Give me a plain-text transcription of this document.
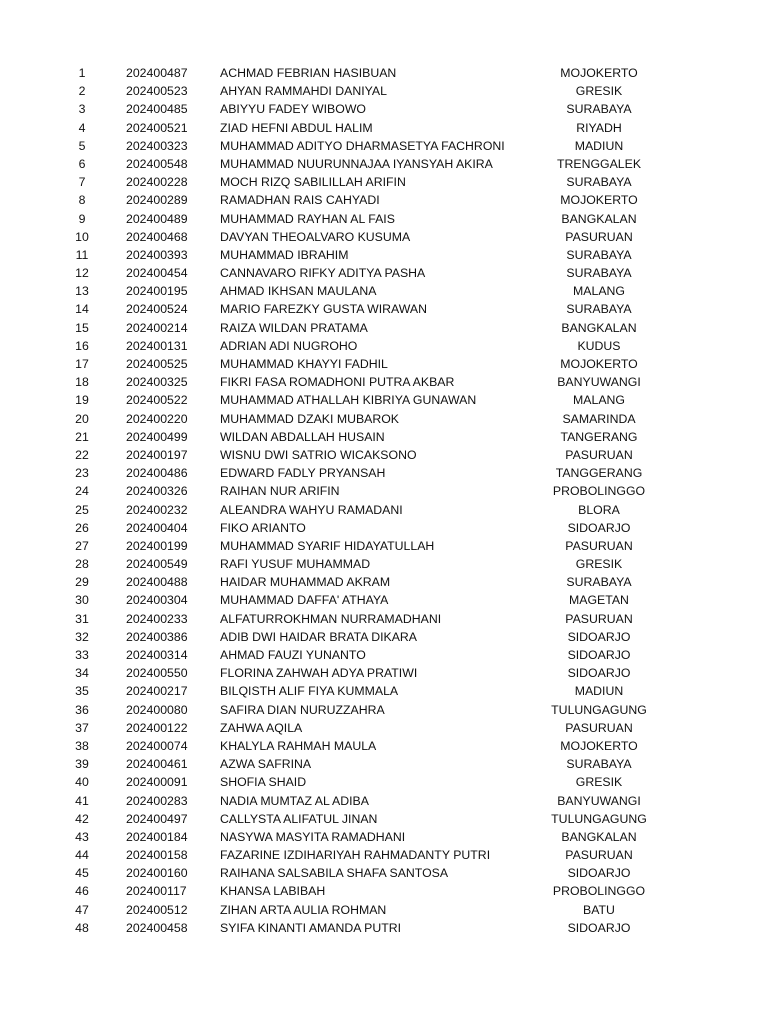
1	202400487	ACHMAD FEBRIAN HASIBUAN	MOJOKERTO
2	202400523	AHYAN RAMMAHDI DANIYAL	GRESIK
3	202400485	ABIYYU FADEY WIBOWO	SURABAYA
4	202400521	ZIAD HEFNI ABDUL HALIM	RIYADH
5	202400323	MUHAMMAD ADITYO DHARMASETYA FACHRONI	MADIUN
6	202400548	MUHAMMAD NUURUNNAJAA IYANSYAH AKIRA	TRENGGALEK
7	202400228	MOCH RIZQ SABILILLAH ARIFIN	SURABAYA
8	202400289	RAMADHAN RAIS CAHYADI	MOJOKERTO
9	202400489	MUHAMMAD RAYHAN AL FAIS	BANGKALAN
10	202400468	DAVYAN THEOALVARO KUSUMA	PASURUAN
11	202400393	MUHAMMAD IBRAHIM	SURABAYA
12	202400454	CANNAVARO RIFKY ADITYA PASHA	SURABAYA
13	202400195	AHMAD IKHSAN MAULANA	MALANG
14	202400524	MARIO FAREZKY GUSTA WIRAWAN	SURABAYA
15	202400214	RAIZA WILDAN PRATAMA	BANGKALAN
16	202400131	ADRIAN ADI NUGROHO	KUDUS
17	202400525	MUHAMMAD KHAYYI FADHIL	MOJOKERTO
18	202400325	FIKRI FASA ROMADHONI PUTRA AKBAR	BANYUWANGI
19	202400522	MUHAMMAD ATHALLAH KIBRIYA GUNAWAN	MALANG
20	202400220	MUHAMMAD DZAKI MUBAROK	SAMARINDA
21	202400499	WILDAN ABDALLAH HUSAIN	TANGERANG
22	202400197	WISNU DWI SATRIO WICAKSONO	PASURUAN
23	202400486	EDWARD FADLY PRYANSAH	TANGGERANG
24	202400326	RAIHAN NUR ARIFIN	PROBOLINGGO
25	202400232	ALEANDRA WAHYU RAMADANI	BLORA
26	202400404	FIKO ARIANTO	SIDOARJO
27	202400199	MUHAMMAD SYARIF HIDAYATULLAH	PASURUAN
28	202400549	RAFI YUSUF MUHAMMAD	GRESIK
29	202400488	HAIDAR MUHAMMAD AKRAM	SURABAYA
30	202400304	MUHAMMAD DAFFA' ATHAYA	MAGETAN
31	202400233	ALFATURROKHMAN NURRAMADHANI	PASURUAN
32	202400386	ADIB DWI HAIDAR BRATA DIKARA	SIDOARJO
33	202400314	AHMAD FAUZI YUNANTO	SIDOARJO
34	202400550	FLORINA ZAHWAH ADYA PRATIWI	SIDOARJO
35	202400217	BILQISTH ALIF FIYA KUMMALA	MADIUN
36	202400080	SAFIRA DIAN NURUZZAHRA	TULUNGAGUNG
37	202400122	ZAHWA AQILA	PASURUAN
38	202400074	KHALYLA RAHMAH MAULA	MOJOKERTO
39	202400461	AZWA SAFRINA	SURABAYA
40	202400091	SHOFIA SHAID	GRESIK
41	202400283	NADIA MUMTAZ AL ADIBA	BANYUWANGI
42	202400497	CALLYSTA ALIFATUL JINAN	TULUNGAGUNG
43	202400184	NASYWA MASYITA RAMADHANI	BANGKALAN
44	202400158	FAZARINE IZDIHARIYAH RAHMADANTY PUTRI	PASURUAN
45	202400160	RAIHANA SALSABILA SHAFA SANTOSA	SIDOARJO
46	202400117	KHANSA LABIBAH	PROBOLINGGO
47	202400512	ZIHAN ARTA AULIA ROHMAN	BATU
48	202400458	SYIFA KINANTI AMANDA PUTRI	SIDOARJO
